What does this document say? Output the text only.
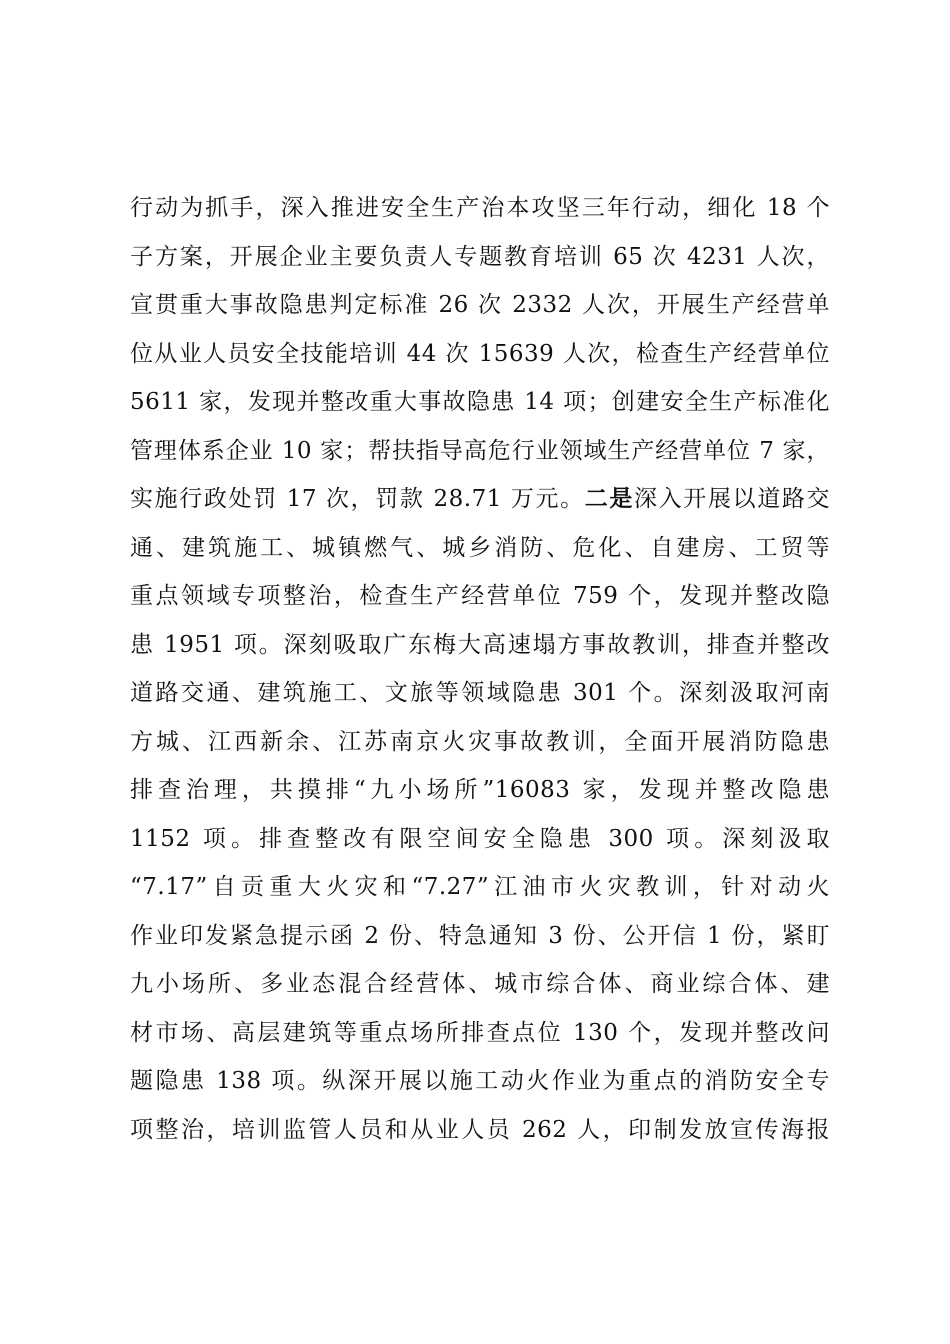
行动为抓手，深入推进安全生产治本攻坚三年行动，细化 18 个
子方案，开展企业主要负责人专题教育培训 65 次 4231 人次，
宣贯重大事故隐患判定标准 26 次 2332 人次，开展生产经营单
位从业人员安全技能培训 44 次 15639 人次，检查生产经营单位
5611 家，发现并整改重大事故隐患 14 项；创建安全生产标准化
管理体系企业 10 家；帮扶指导高危行业领域生产经营单位 7 家，
实施行政处罚 17 次，罚款 28.71 万元。二是深入开展以道路交
通、建筑施工、城镇燃气、城乡消防、危化、自建房、工贸等
重点领域专项整治，检查生产经营单位 759 个，发现并整改隐
患 1951 项。深刻吸取广东梅大高速塌方事故教训，排查并整改
道路交通、建筑施工、文旅等领域隐患 301 个。深刻汲取河南
方城、江西新余、江苏南京火灾事故教训，全面开展消防隐患
排查治理，共摸排“九小场所”16083 家，发现并整改隐患
1152 项。排查整改有限空间安全隐患 300 项。深刻汲取
“7.17”自贡重大火灾和“7.27”江油市火灾教训，针对动火
作业印发紧急提示函 2 份、特急通知 3 份、公开信 1 份，紧盯
九小场所、多业态混合经营体、城市综合体、商业综合体、建
材市场、高层建筑等重点场所排查点位 130 个，发现并整改问
题隐患 138 项。纵深开展以施工动火作业为重点的消防安全专
项整治，培训监管人员和从业人员 262 人，印制发放宣传海报
